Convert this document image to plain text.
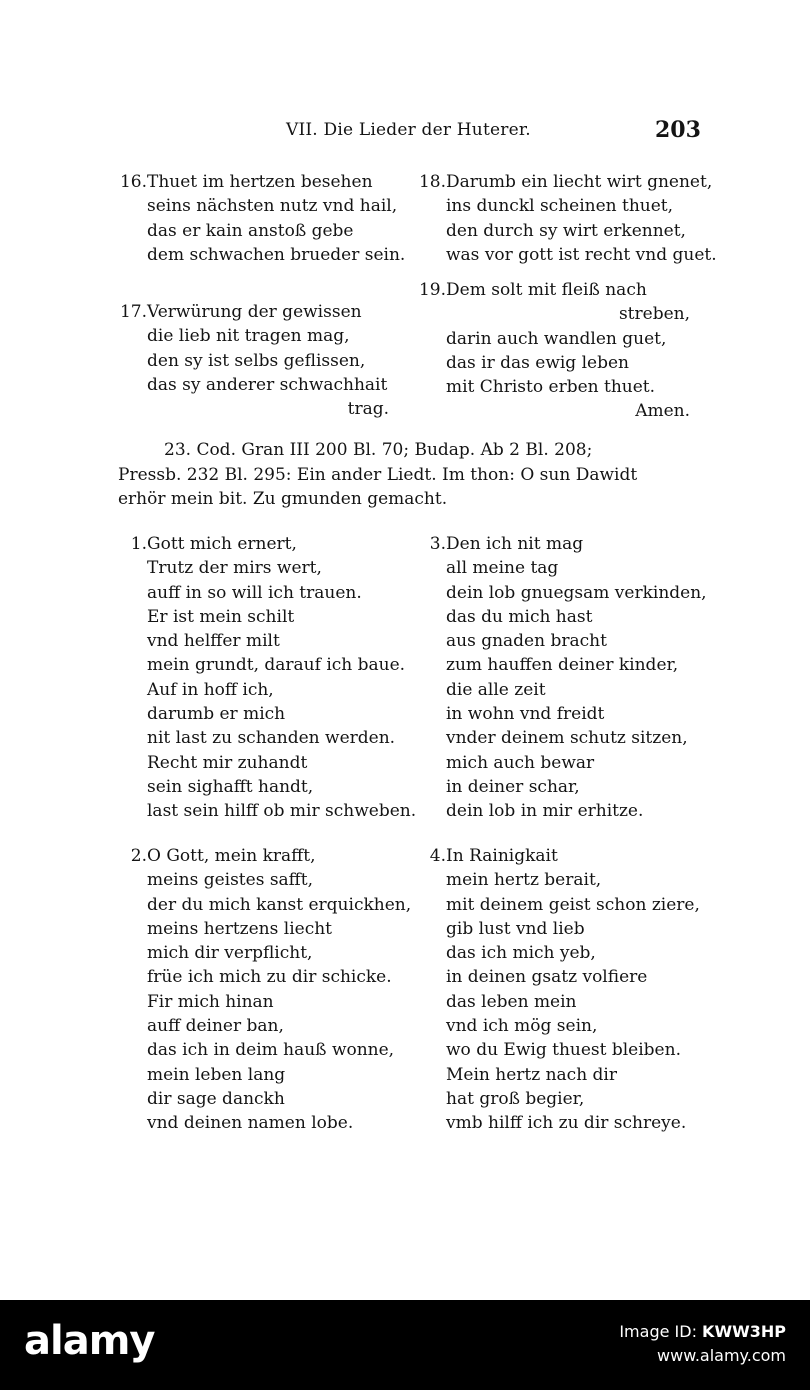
VII. Die Lieder der Huterer.	203
16. Thuet im hertzen besehen
seins nächsten nutz vnd hail,
das er kain anstoß gebe
dem schwachen brueder sein.
17. Verwürung der gewissen
die lieb nit tragen mag,
den sy ist selbs geflissen,
das sy anderer schwachhait
trag.
18. Darumb ein liecht wirt gnenet,
ins dunckl scheinen thuet,
den durch sy wirt erkennet,
was vor gott ist recht vnd guet.
19. Dem solt mit fleiß nach
streben,
darin auch wandlen guet,
das ir das ewig leben
mit Christo erben thuet.
Amen.
23. Cod. Gran III 200 Bl. 70; Budap. Ab 2 Bl. 208;
Pressb. 232 Bl. 295: Ein ander Liedt. Im thon: O sun Dawidt
erhör mein bit. Zu gmunden gemacht.
1. Gott mich ernert,
Trutz der mirs wert,
auff in so will ich trauen.
Er ist mein schilt
vnd helffer milt
mein grundt, darauf ich baue.
Auf in hoff ich,
darumb er mich
nit last zu schanden werden.
Recht mir zuhandt
sein sighafft handt,
last sein hilff ob mir schweben.
2. O Gott, mein krafft,
meins geistes safft,
der du mich kanst erquickhen,
meins hertzens liecht
mich dir verpflicht,
früe ich mich zu dir schicke.
Fir mich hinan
auff deiner ban,
das ich in deim hauß wonne,
mein leben lang
dir sage danckh
vnd deinen namen lobe.
3. Den ich nit mag
all meine tag
dein lob gnuegsam verkinden,
das du mich hast
aus gnaden bracht
zum hauffen deiner kinder,
die alle zeit
in wohn vnd freidt
vnder deinem schutz sitzen,
mich auch bewar
in deiner schar,
dein lob in mir erhitze.
4. In Rainigkait
mein hertz berait,
mit deinem geist schon ziere,
gib lust vnd lieb
das ich mich yeb,
in deinen gsatz volfiere
das leben mein
vnd ich mög sein,
wo du Ewig thuest bleiben.
Mein hertz nach dir
hat groß begier,
vmb hilff ich zu dir schreye.
alamy	Image ID: KWW3HP
www.alamy.com
